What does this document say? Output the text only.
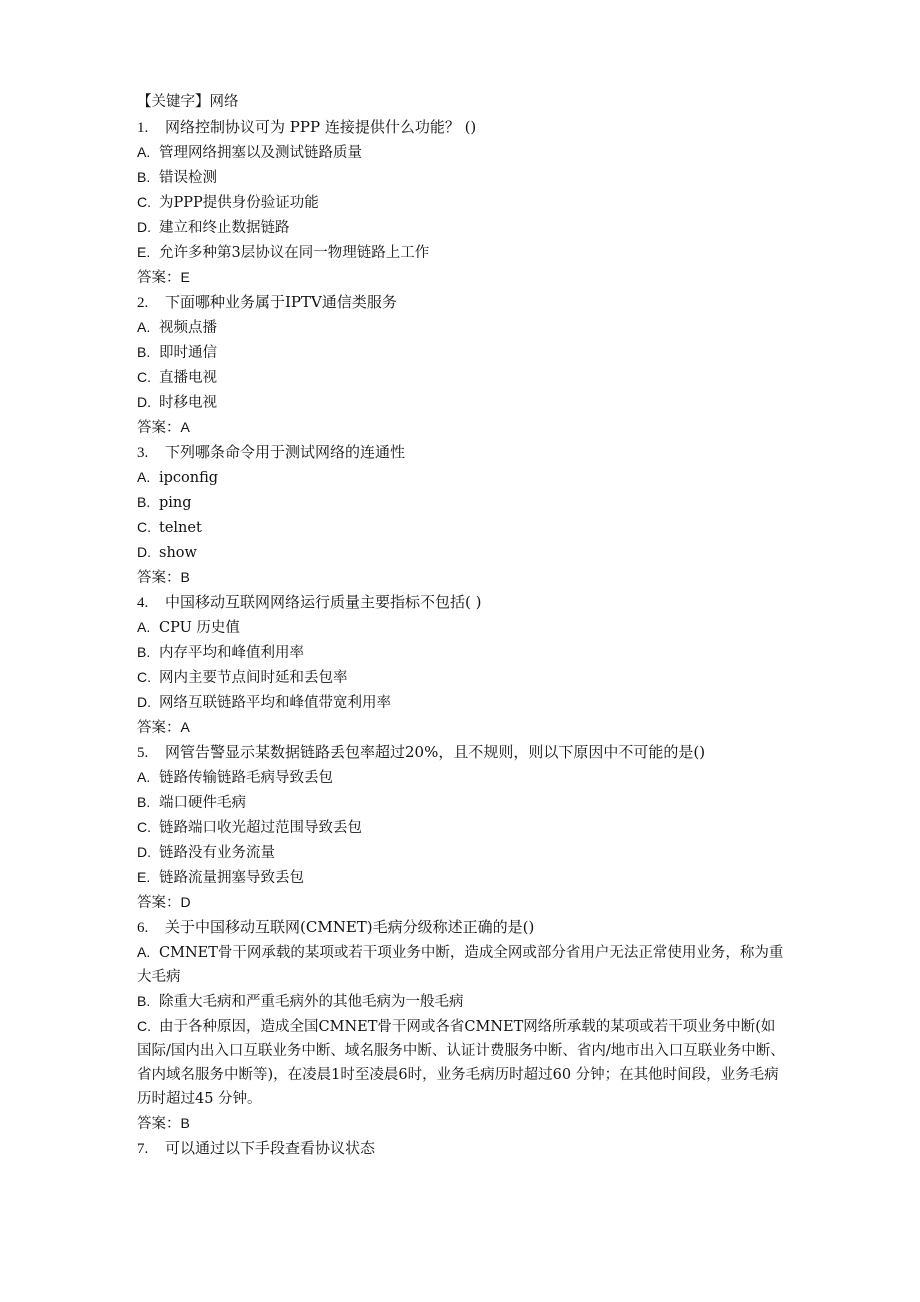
【关键字】网络

1. 网络控制协议可为 PPP 连接提供什么功能？ ()
A. 管理网络拥塞以及测试链路质量
B. 错误检测
C. 为PPP提供身份验证功能
D. 建立和终止数据链路
E. 允许多种第3层协议在同一物理链路上工作
答案：E
2. 下面哪种业务属于IPTV通信类服务
A. 视频点播
B. 即时通信
C. 直播电视
D. 时移电视
答案：A
3. 下列哪条命令用于测试网络的连通性
A. ipconfig
B. ping
C. telnet
D. show
答案：B
4. 中国移动互联网网络运行质量主要指标不包括( )
A. CPU 历史值
B. 内存平均和峰值利用率
C. 网内主要节点间时延和丢包率
D. 网络互联链路平均和峰值带宽利用率
答案：A
5. 网管告警显示某数据链路丢包率超过20%，且不规则，则以下原因中不可能的是()
A. 链路传输链路毛病导致丢包
B. 端口硬件毛病
C. 链路端口收光超过范围导致丢包
D. 链路没有业务流量
E. 链路流量拥塞导致丢包
答案：D
6. 关于中国移动互联网(CMNET)毛病分级称述正确的是()
A. CMNET骨干网承载的某项或若干项业务中断，造成全网或部分省用户无法正常使用业务，称为重大毛病
B. 除重大毛病和严重毛病外的其他毛病为一般毛病
C. 由于各种原因，造成全国CMNET骨干网或各省CMNET网络所承载的某项或若干项业务中断(如国际/国内出入口互联业务中断、域名服务中断、认证计费服务中断、省内/地市出入口互联业务中断、省内域名服务中断等)，在凌晨1时至凌晨6时，业务毛病历时超过60 分钟；在其他时间段，业务毛病历时超过45 分钟。
答案：B
7. 可以通过以下手段查看协议状态
